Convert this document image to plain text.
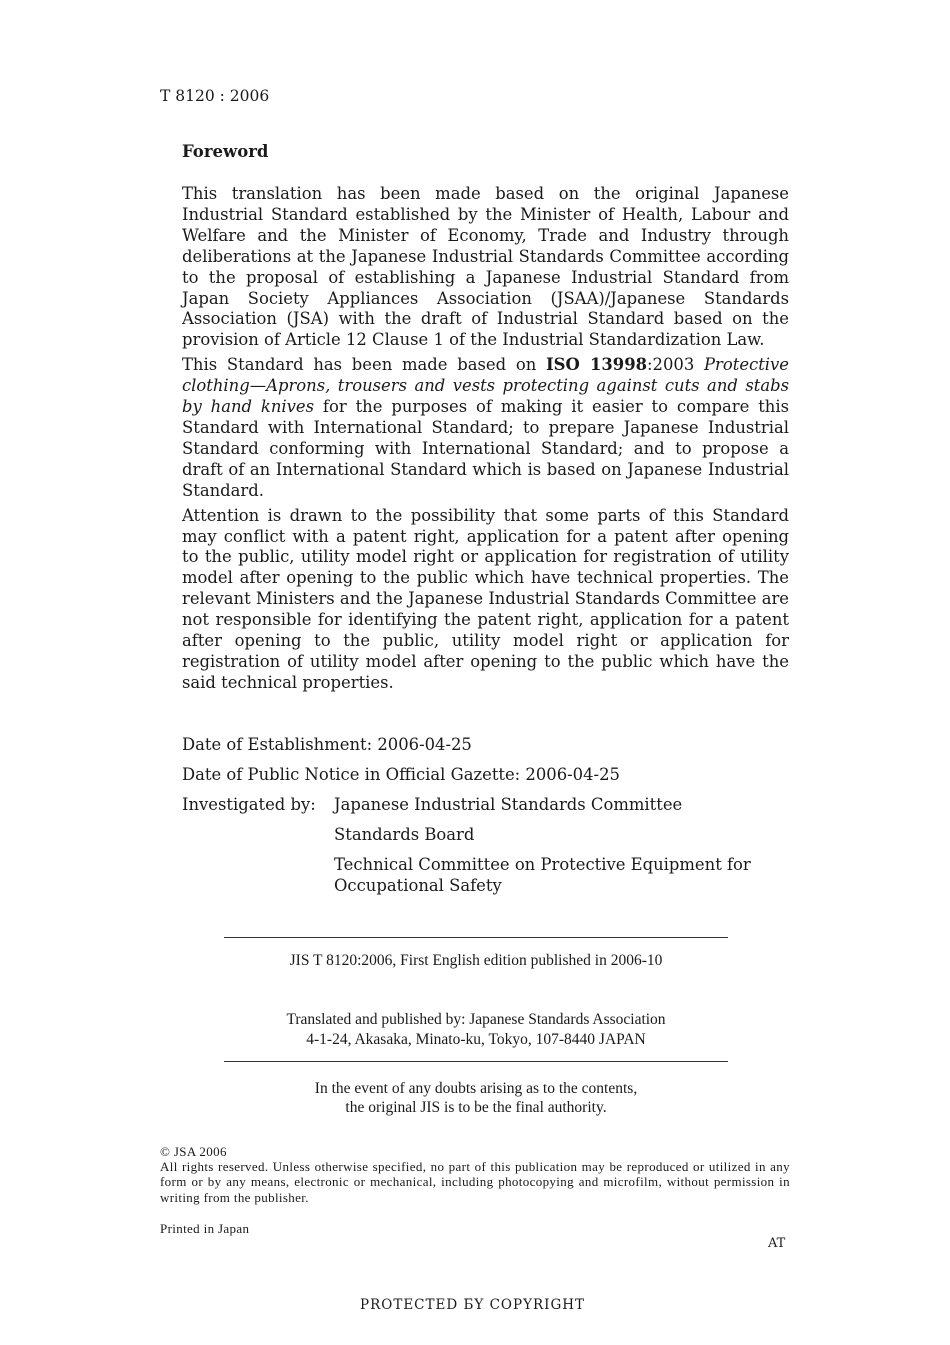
T 8120 : 2006
Foreword

This translation has been made based on the original Japanese Industrial Standard established by the Minister of Health, Labour and Welfare and the Minister of Economy, Trade and Industry through deliberations at the Japanese Industrial Standards Committee according to the proposal of establishing a Japanese Industrial Standard from Japan Society Appliances Association (JSAA)/Japanese Standards Association (JSA) with the draft of Industrial Standard based on the provision of Article 12 Clause 1 of the Industrial Standardization Law.

This Standard has been made based on ISO 13998:2003 Protective clothing—Aprons, trousers and vests protecting against cuts and stabs by hand knives for the purposes of making it easier to compare this Standard with International Standard; to prepare Japanese Industrial Standard conforming with International Standard; and to propose a draft of an International Standard which is based on Japanese Industrial Standard.

Attention is drawn to the possibility that some parts of this Standard may conflict with a patent right, application for a patent after opening to the public, utility model right or application for registration of utility model after opening to the public which have technical properties. The relevant Ministers and the Japanese Industrial Standards Committee are not responsible for identifying the patent right, application for a patent after opening to the public, utility model right or application for registration of utility model after opening to the public which have the said technical properties.

Date of Establishment: 2006-04-25
Date of Public Notice in Official Gazette: 2006-04-25
Investigated by: Japanese Industrial Standards Committee
Standards Board
Technical Committee on Protective Equipment for Occupational Safety
JIS T 8120:2006, First English edition published in 2006-10
Translated and published by: Japanese Standards Association
4-1-24, Akasaka, Minato-ku, Tokyo, 107-8440 JAPAN
In the event of any doubts arising as to the contents,
the original JIS is to be the final authority.
© JSA 2006
All rights reserved. Unless otherwise specified, no part of this publication may be reproduced or utilized in any form or by any means, electronic or mechanical, including photocopying and microfilm, without permission in writing from the publisher.
Printed in Japan
AT
PROTECTED БY COPYRIGHT
